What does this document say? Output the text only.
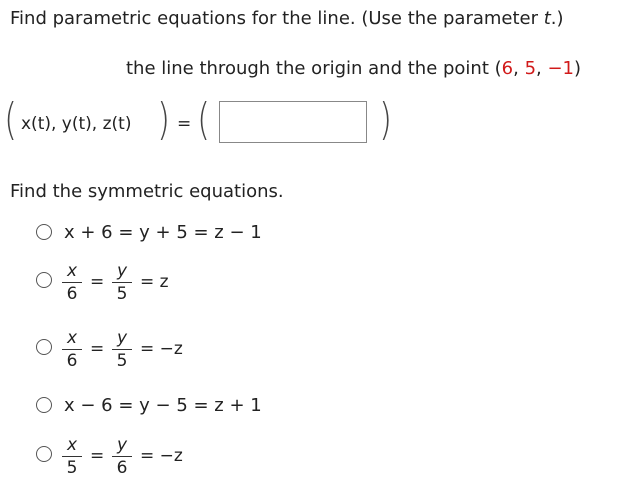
Find parametric equations for the line. (Use the parameter t.)
the line through the origin and the point (6, 5, −1)
( x(t), y(t), z(t) ) = (	)
Find the symmetric equations.
x + 6 = y + 5 = z − 1
x
6
=
y
5
= z
x
6
=
y
5
= −z
x − 6 = y − 5 = z + 1
x
5
=
y
6
= −z
